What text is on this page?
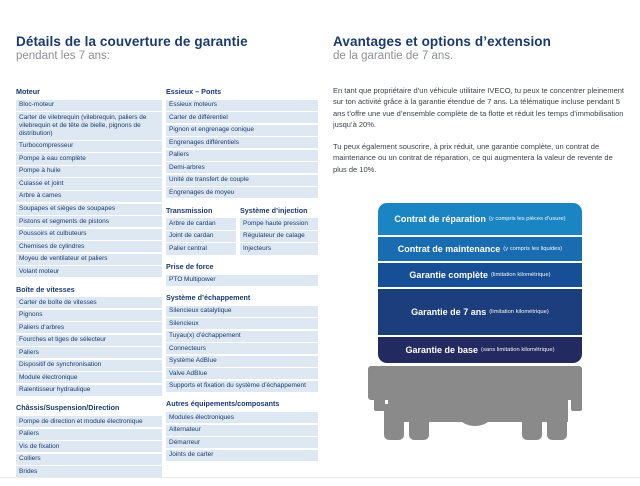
Détails de la couverture de garantie
pendant les 7 ans:
Moteur
Bloc-moteur
Carter de vilebrequin (vilebrequin, paliers de vilebrequin et de tête de bielle, pignons de distribution)
Turbocompresseur
Pompe à eau complète
Pompe à huile
Culasse et joint
Arbre à cames
Soupapes et sièges de soupapes
Pistons et segments de pistons
Poussoirs et culbuteurs
Chemises de cylindres
Moyeu de ventilateur et paliers
Volant moteur
Boîte de vitesses
Carter de boîte de vitesses
Pignons
Paliers d’arbres
Fourches et tiges de sélecteur
Paliers
Dispositif de synchronisation
Module électronique
Ralentisseur hydraulique
Châssis/Suspension/Direction
Pompe de direction et module électronique
Paliers
Vis de fixation
Colliers
Brides
Essieux – Ponts
Essieux moteurs
Carter de différentiel
Pignon et engrenage conique
Engrenages différentiels
Paliers
Demi-arbres
Unité de transfert de couple
Engrenages de moyeu
Transmission
Arbre de cardan
Joint de cardan
Palier central
Système d’injection
Pompe haute pression
Régulateur de calage
Injecteurs
Prise de force
PTO Multipower
Système d’échappement
Silencieux catalytique
Silencieux
Tuyau(x) d’échappement
Connecteurs
Système AdBlue
Valve AdBlue
Supports et fixation du système d’échappement
Autres équipements/composants
Modules électroniques
Alternateur
Démarreur
Joints de carter
Avantages et options d’extension
de la garantie de 7 ans.

En tant que propriétaire d’un véhicule utilitaire IVECO, tu peux te concentrer pleinement sur ton activité grâce à la garantie étendue de 7 ans. La télématique incluse pendant 5 ans t’offre une vue d’ensemble complète de ta flotte et réduit les temps d’immobilisation jusqu’à 20%.

Tu peux également souscrire, à prix réduit, une garantie complète, un contrat de maintenance ou un contrat de réparation, ce qui augmentera la valeur de revente de plus de 10%.

Contrat de réparation (y compris les pièces d’usure)
Contrat de maintenance (y compris les liquides)
Garantie complète (limitation kilométrique)
Garantie de 7 ans (limitation kilométrique)
Garantie de base (sans limitation kilométrique)
